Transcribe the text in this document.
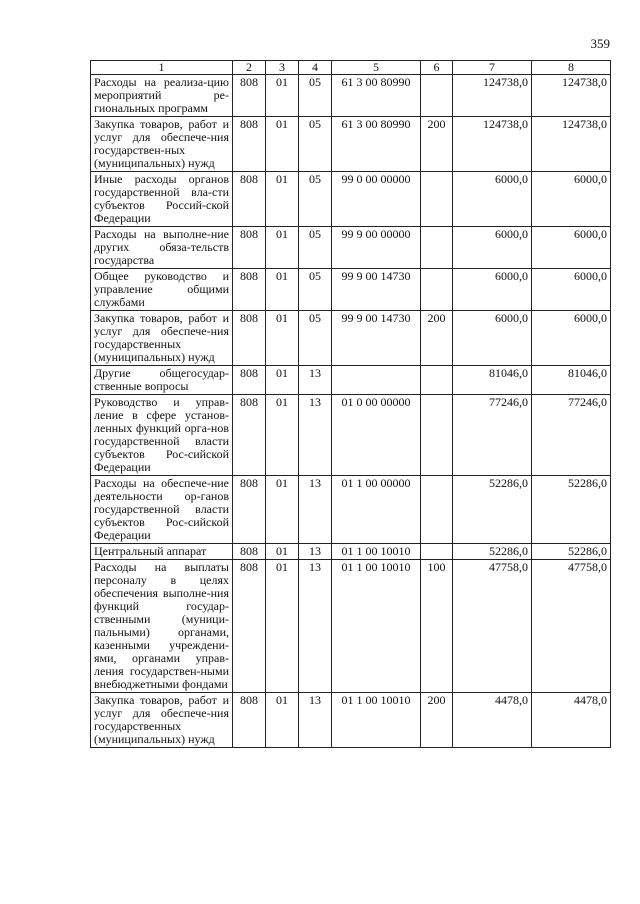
359
1	2	3	4	5	6	7	8
Расходы на реализа-цию мероприятий ре-гиональных программ	808	01	05	61 3 00 80990		124738,0	124738,0
Закупка товаров, работ и услуг для обеспече-ния государствен-ных (муниципальных) нужд	808	01	05	61 3 00 80990	200	124738,0	124738,0
Иные расходы органов государственной вла-сти субъектов Россий-ской Федерации	808	01	05	99 0 00 00000		6000,0	6000,0
Расходы на выполне-ние других обяза-тельств государства	808	01	05	99 9 00 00000		6000,0	6000,0
Общее руководство и управление общими службами	808	01	05	99 9 00 14730		6000,0	6000,0
Закупка товаров, работ и услуг для обеспече-ния государственных (муниципальных) нужд	808	01	05	99 9 00 14730	200	6000,0	6000,0
Другие общегосудар-ственные вопросы	808	01	13			81046,0	81046,0
Руководство и управ-ление в сфере установ-ленных функций орга-нов государственной власти субъектов Рос-сийской Федерации	808	01	13	01 0 00 00000		77246,0	77246,0
Расходы на обеспече-ние деятельности ор-ганов государственной власти субъектов Рос-сийской Федерации	808	01	13	01 1 00 00000		52286,0	52286,0
Центральный аппарат	808	01	13	01 1 00 10010		52286,0	52286,0
Расходы на выплаты персоналу в целях обеспечения выполне-ния функций государ-ственными (муници-пальными) органами, казенными учреждени-ями, органами управ-ления государствен-ными внебюджетными фондами	808	01	13	01 1 00 10010	100	47758,0	47758,0
Закупка товаров, работ и услуг для обеспече-ния государственных (муниципальных) нужд	808	01	13	01 1 00 10010	200	4478,0	4478,0
